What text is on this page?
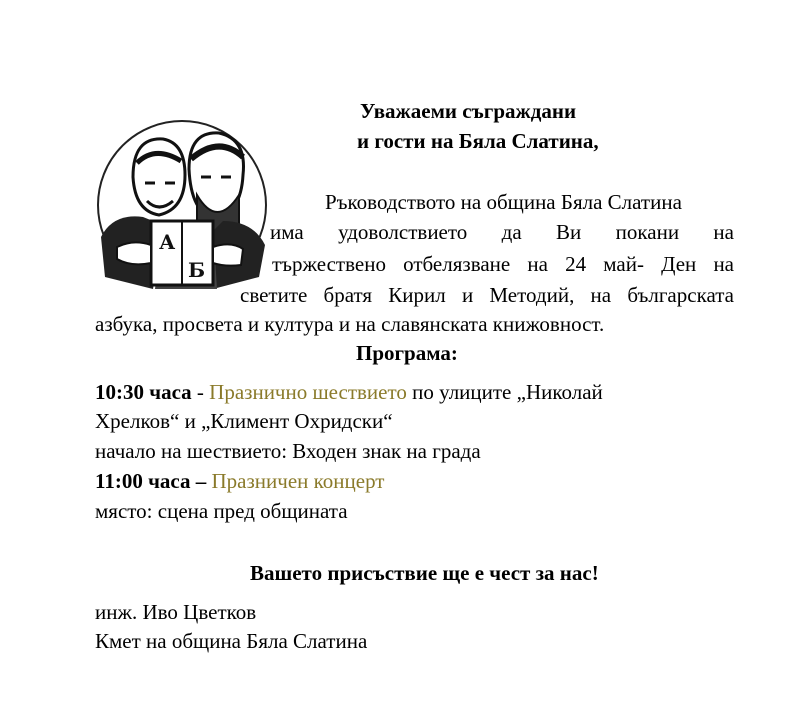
А
Б
Уважаеми съграждани
и гости на Бяла Слатина,
Ръководството на община Бяла Слатина
има удоволствието да Ви покани на
тържествено отбелязване на 24 май- Ден на
светите братя Кирил и Методий, на българската
азбука, просвета и култура и на славянската книжовност.
Програма:
10:30 часа - Празнично шествието по улиците „Николай
Хрелков“ и „Климент Охридски“
начало на шествието: Входен знак на града
11:00 часа – Празничен концерт
място: сцена пред общината
Вашето присъствие ще е чест за нас!
инж. Иво Цветков
Кмет на община Бяла Слатина
